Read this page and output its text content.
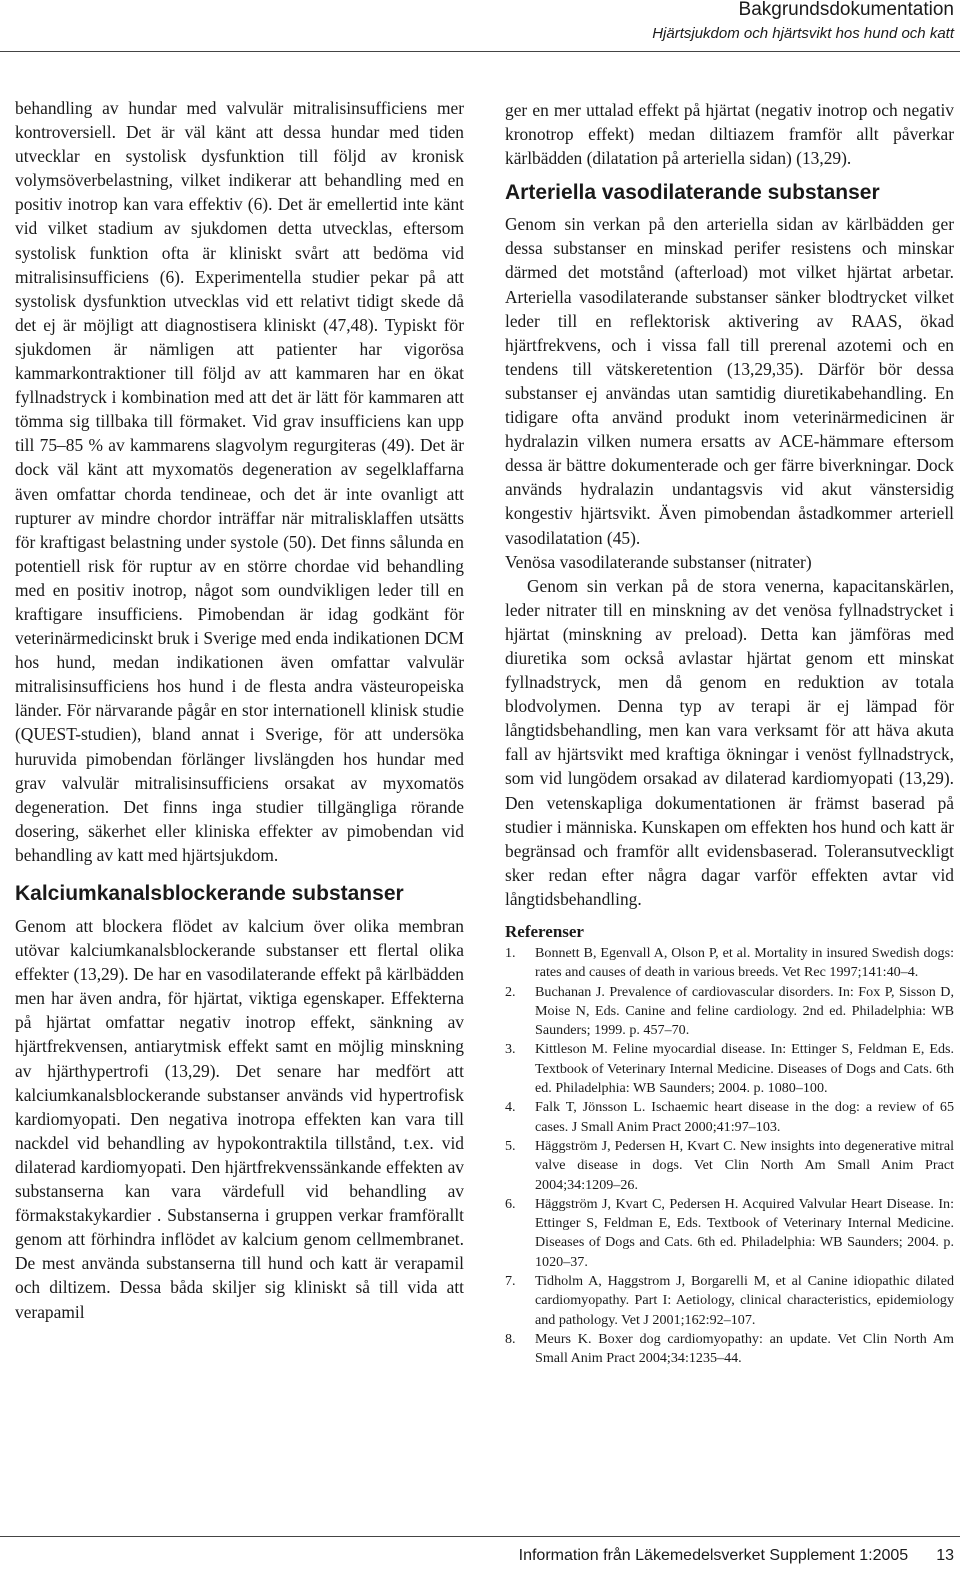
Bakgrundsdokumentation
Hjärtsjukdom och hjärtsvikt hos hund och katt

behandling av hundar med valvulär mitralisinsufficiens mer kontroversiell. Det är väl känt att dessa hundar med tiden utvecklar en systolisk dysfunktion till följd av kronisk volymsöverbelastning, vilket indikerar att behandling med en positiv inotrop kan vara effektiv (6). Det är emellertid inte känt vid vilket stadium av sjukdomen detta utvecklas, eftersom systolisk funktion ofta är kliniskt svårt att bedöma vid mitralisinsufficiens (6). Experimentella studier pekar på att systolisk dysfunktion utvecklas vid ett relativt tidigt skede då det ej är möjligt att diagnostisera kliniskt (47,48). Typiskt för sjukdomen är nämligen att patienter har vigorösa kammarkontraktioner till följd av att kammaren har en ökat fyllnadstryck i kombination med att det är lätt för kammaren att tömma sig tillbaka till förmaket. Vid grav insufficiens kan upp till 75–85 % av kammarens slagvolym regurgiteras (49). Det är dock väl känt att myxomatös degeneration av segelklaffarna även omfattar chorda tendineae, och det är inte ovanligt att rupturer av mindre chordor inträffar när mitralisklaffen utsätts för kraftigast belastning under systole (50). Det finns sålunda en potentiell risk för ruptur av en större chordae vid behandling med en positiv inotrop, något som oundvikligen leder till en kraftigare insufficiens. Pimobendan är idag godkänt för veterinärmedicinskt bruk i Sverige med enda indikationen DCM hos hund, medan indikationen även omfattar valvulär mitralisinsufficiens hos hund i de flesta andra västeuropeiska länder. För närvarande pågår en stor internationell klinisk studie (QUEST-studien), bland annat i Sverige, för att undersöka huruvida pimobendan förlänger livslängden hos hundar med grav valvulär mitralisinsufficiens orsakat av myxomatös degeneration. Det finns inga studier tillgängliga rörande dosering, säkerhet eller kliniska effekter av pimobendan vid behandling av katt med hjärtsjukdom.

Kalciumkanalsblockerande substanser

Genom att blockera flödet av kalcium över olika membran utövar kalciumkanalsblockerande substanser ett flertal olika effekter (13,29). De har en vasodilaterande effekt på kärlbädden men har även andra, för hjärtat, viktiga egenskaper. Effekterna på hjärtat omfattar negativ inotrop effekt, sänkning av hjärtfrekvensen, antiarytmisk effekt samt en möjlig minskning av hjärthypertrofi (13,29). Det senare har medfört att kalciumkanalsblockerande substanser används vid hypertrofisk kardiomyopati. Den negativa inotropa effekten kan vara till nackdel vid behandling av hypokontraktila tillstånd, t.ex. vid dilaterad kardiomyopati. Den hjärtfrekvenssänkande effekten av substanserna kan vara värdefull vid behandling av förmakstakykardier . Substanserna i gruppen verkar framförallt genom att förhindra inflödet av kalcium genom cellmembranet. De mest använda substanserna till hund och katt är verapamil och diltizem. Dessa båda skiljer sig kliniskt så till vida att verapamil

ger en mer uttalad effekt på hjärtat (negativ inotrop och negativ kronotrop effekt) medan diltiazem framför allt påverkar kärlbädden (dilatation på arteriella sidan) (13,29).

Arteriella vasodilaterande substanser

Genom sin verkan på den arteriella sidan av kärlbädden ger dessa substanser en minskad perifer resistens och minskar därmed det motstånd (afterload) mot vilket hjärtat arbetar. Arteriella vasodilaterande substanser sänker blodtrycket vilket leder till en reflektorisk aktivering av RAAS, ökad hjärtfrekvens, och i vissa fall till prerenal azotemi och en tendens till vätskeretention (13,29,35). Därför bör dessa substanser ej användas utan samtidig diuretikabehandling. En tidigare ofta använd produkt inom veterinärmedicinen är hydralazin vilken numera ersatts av ACE-hämmare eftersom dessa är bättre dokumenterade och ger färre biverkningar. Dock används hydralazin undantagsvis vid akut vänstersidig kongestiv hjärtsvikt. Även pimobendan åstadkommer arteriell vasodilatation (45).

Venösa vasodilaterande substanser (nitrater)

Genom sin verkan på de stora venerna, kapacitanskärlen, leder nitrater till en minskning av det venösa fyllnadstrycket i hjärtat (minskning av preload). Detta kan jämföras med diuretika som också avlastar hjärtat genom ett minskat fyllnadstryck, men då genom en reduktion av totala blodvolymen. Denna typ av terapi är ej lämpad för långtidsbehandling, men kan vara verksamt för att häva akuta fall av hjärtsvikt med kraftiga ökningar i venöst fyllnadstryck, som vid lungödem orsakad av dilaterad kardiomyopati (13,29). Den vetenskapliga dokumentationen är främst baserad på studier i människa. Kunskapen om effekten hos hund och katt är begränsad och framför allt evidensbaserad. Toleransutveckligt sker redan efter några dagar varför effekten avtar vid långtidsbehandling.

Referenser
1. Bonnett B, Egenvall A, Olson P, et al. Mortality in insured Swedish dogs: rates and causes of death in various breeds. Vet Rec 1997;141:40–4.
2. Buchanan J. Prevalence of cardiovascular disorders. In: Fox P, Sisson D, Moise N, Eds. Canine and feline cardiology. 2nd ed. Philadelphia: WB Saunders; 1999. p. 457–70.
3. Kittleson M. Feline myocardial disease. In: Ettinger S, Feldman E, Eds. Textbook of Veterinary Internal Medicine. Diseases of Dogs and Cats. 6th ed. Philadelphia: WB Saunders; 2004. p. 1080–100.
4. Falk T, Jönsson L. Ischaemic heart disease in the dog: a review of 65 cases. J Small Anim Pract 2000;41:97–103.
5. Häggström J, Pedersen H, Kvart C. New insights into degenerative mitral valve disease in dogs. Vet Clin North Am Small Anim Pract 2004;34:1209–26.
6. Häggström J, Kvart C, Pedersen H. Acquired Valvular Heart Disease. In: Ettinger S, Feldman E, Eds. Textbook of Veterinary Internal Medicine. Diseases of Dogs and Cats. 6th ed. Philadelphia: WB Saunders; 2004. p. 1020–37.
7. Tidholm A, Haggstrom J, Borgarelli M, et al Canine idiopathic dilated cardiomyopathy. Part I: Aetiology, clinical characteristics, epidemiology and pathology. Vet J 2001;162:92–107.
8. Meurs K. Boxer dog cardiomyopathy: an update. Vet Clin North Am Small Anim Pract 2004;34:1235–44.
Information från Läkemedelsverket Supplement 1:2005 13
